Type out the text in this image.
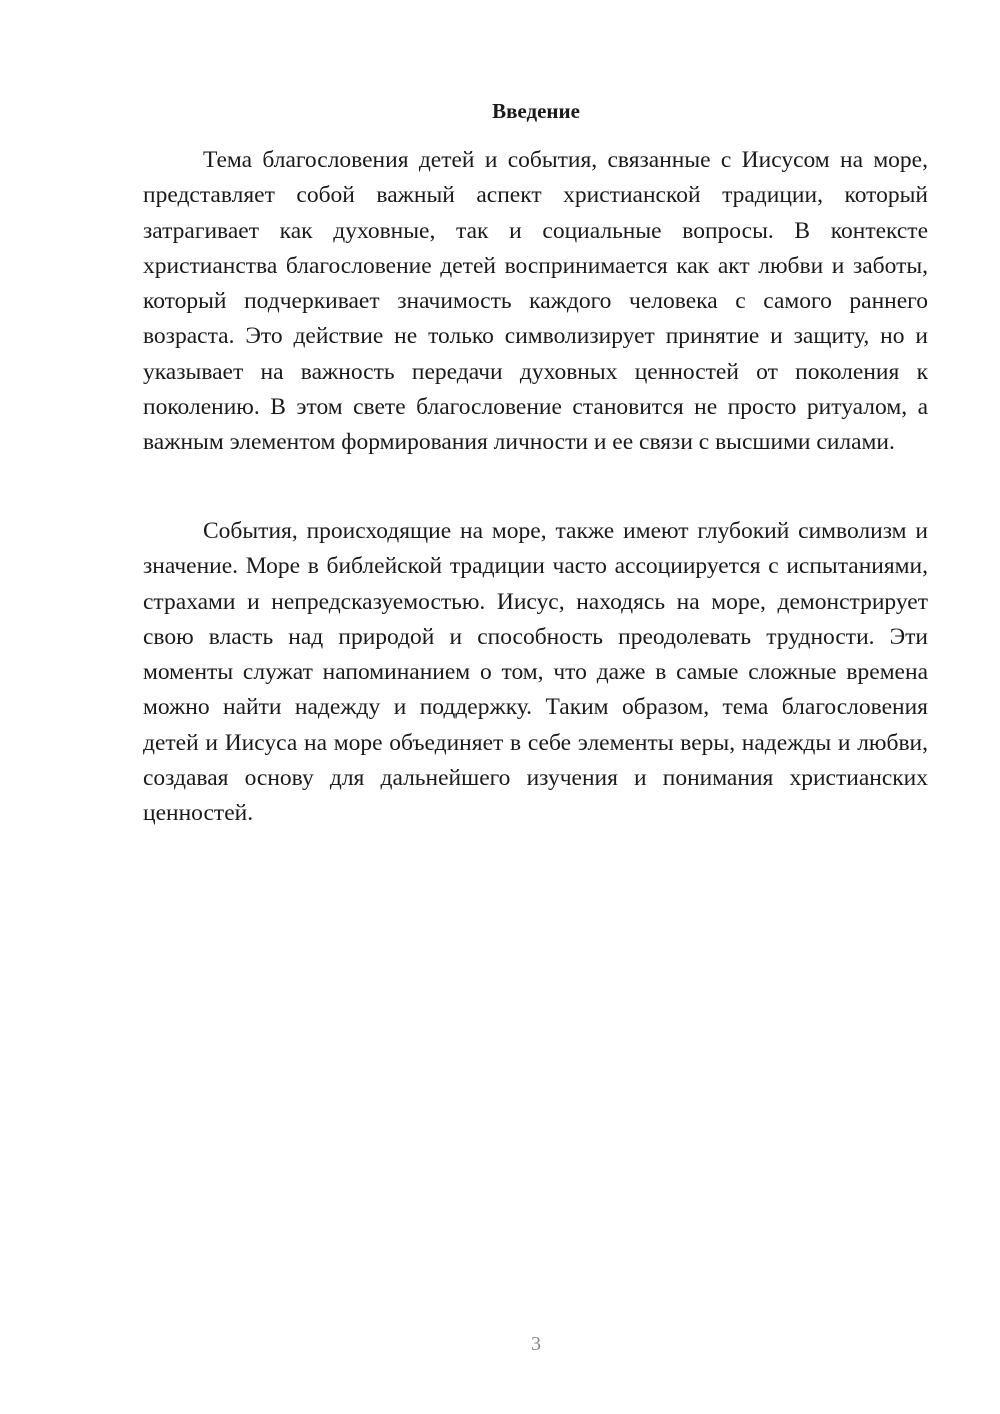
Введение

Тема благословения детей и события, связанные с Иисусом на море, представляет собой важный аспект христианской традиции, который затрагивает как духовные, так и социальные вопросы. В контексте христианства благословение детей воспринимается как акт любви и заботы, который подчеркивает значимость каждого человека с самого раннего возраста. Это действие не только символизирует принятие и защиту, но и указывает на важность передачи духовных ценностей от поколения к поколению. В этом свете благословение становится не просто ритуалом, а важным элементом формирования личности и ее связи с высшими силами.

События, происходящие на море, также имеют глубокий символизм и значение. Море в библейской традиции часто ассоциируется с испытаниями, страхами и непредсказуемостью. Иисус, находясь на море, демонстрирует свою власть над природой и способность преодолевать трудности. Эти моменты служат напоминанием о том, что даже в самые сложные времена можно найти надежду и поддержку. Таким образом, тема благословения детей и Иисуса на море объединяет в себе элементы веры, надежды и любви, создавая основу для дальнейшего изучения и понимания христианских ценностей.

3
